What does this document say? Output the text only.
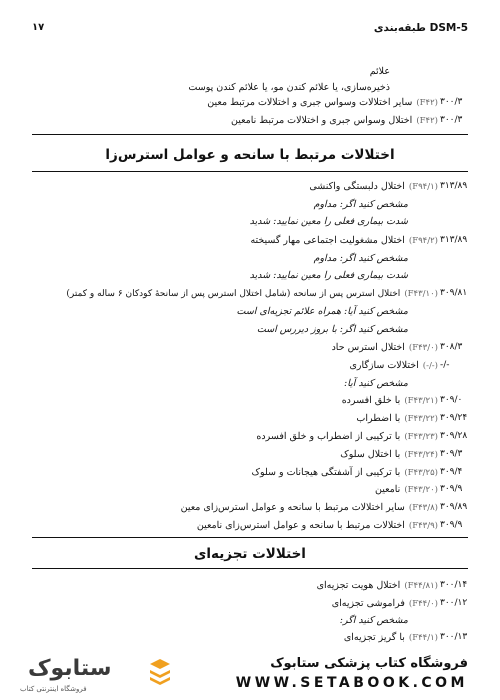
DSM-5 طبقه‌بندی
۱۷
علائم
ذخیره‌سازی، یا علائم کندن مو، یا علائم کندن پوست
۳۰۰/۳
(F۴۲)سایر اختلالات وسواس جبری و اختلالات مرتبط معین
۳۰۰/۳
(F۴۲)اختلال وسواس جبری و اختلالات مرتبط نامعین
۳۱۳/۸۹
(F۹۴/۱)اختلال دلبستگی واکنشی
مشخص کنید اگر: مداوم
شدت بیماری فعلی را معین نمایید: شدید
۳۱۳/۸۹
(F۹۴/۲)اختلال مشغولیت اجتماعی مهار گسیخته
مشخص کنید اگر: مداوم
شدت بیماری فعلی را معین نمایید: شدید
۳۰۹/۸۱
(F۴۳/۱۰)اختلال استرس پس از سانحه (شامل اختلال استرس پس از سانحهٔ کودکان ۶ ساله و کمتر)
مشخص کنید آیا: همراه علائم تجزیه‌ای است
مشخص کنید اگر: با بروز دیررس است
۳۰۸/۳
(F۴۳/۰)اختلال استرس حاد
-/-
(-/-)اختلالات سازگاری
مشخص کنید آیا:
۳۰۹/۰
(F۴۳/۲۱)با خلق افسرده
۳۰۹/۲۴
(F۴۳/۲۲)با اضطراب
۳۰۹/۲۸
(F۴۳/۲۳)با ترکیبی از اضطراب و خلق افسرده
۳۰۹/۳
(F۴۳/۲۴)با اختلال سلوک
۳۰۹/۴
(F۴۳/۲۵)با ترکیبی از آشفتگی هیجانات و سلوک
۳۰۹/۹
(F۴۳/۲۰)نامعین
۳۰۹/۸۹
(F۴۳/۸)سایر اختلالات مرتبط با سانحه و عوامل استرس‌زای معین
۳۰۹/۹
(F۴۳/۹)اختلالات مرتبط با سانحه و عوامل استرس‌زای نامعین
۳۰۰/۱۴
(F۴۴/۸۱)اختلال هویت تجزیه‌ای
۳۰۰/۱۲
(F۴۴/۰)فراموشی تجزیه‌ای
مشخص کنید اگر:
۳۰۰/۱۳
(F۴۴/۱)با گریز تجزیه‌ای
اختلالات مرتبط با سانحه و عوامل استرس‌زا
اختلالات تجزیه‌ای
فروشگاه کتاب پزشکی ستابوک
WWW.SETABOOK.COM
ستابوک
فروشگاه اینترنتی کتاب
